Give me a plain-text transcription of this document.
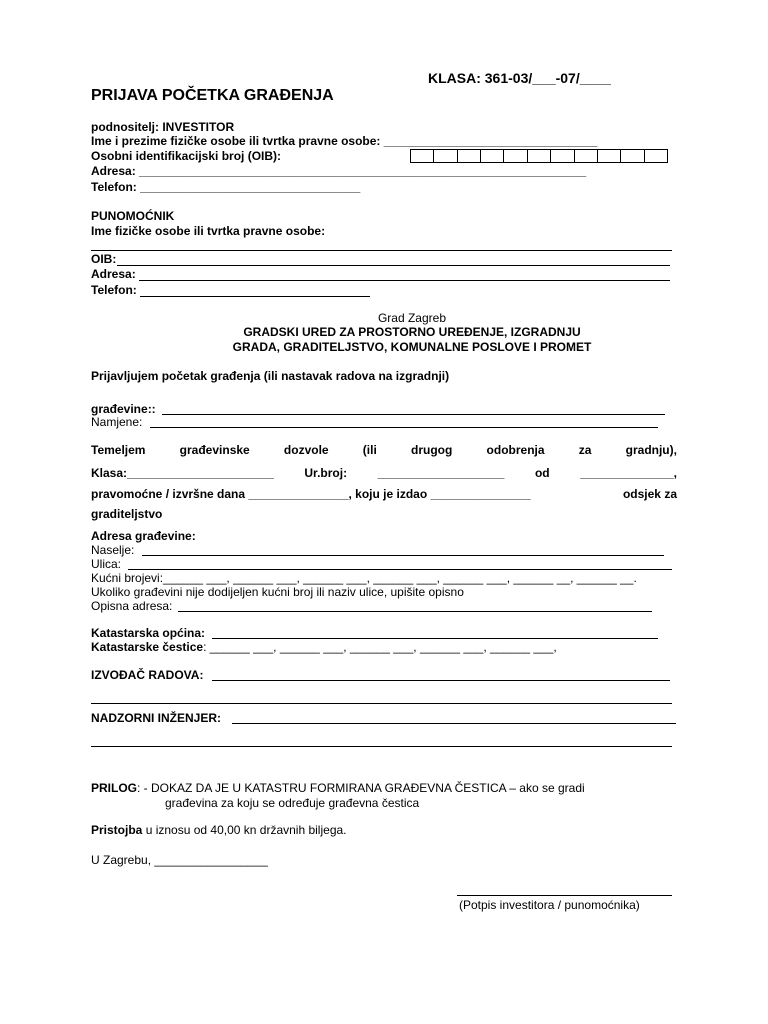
KLASA: 361-03/___-07/____
PRIJAVA POČETKA GRAĐENJA
podnositelj: INVESTITOR
Ime i prezime fizičke osobe ili tvrtka pravne osobe: ________________________________
Osobni identifikacijski broj (OIB):
Adresa: ___________________________________________________________________
Telefon: _________________________________
PUNOMOĆNIK
Ime fizičke osobe ili tvrtka pravne osobe:
OIB:
Adresa:
Telefon:
Grad Zagreb
GRADSKI URED ZA PROSTORNO UREĐENJE, IZGRADNJU
GRADA, GRADITELJSTVO, KOMUNALNE POSLOVE I PROMET
Prijavljujem početak građenja (ili nastavak radova na izgradnji)
građevine::
Namjene:
Temeljem	građevinske	dozvole	(ili	drugog	odobrenja	za	gradnju),
Klasa:______________________	Ur.broj:	___________________	od	______________,
pravomoćne / izvršne dana _______________, koju je izdao _______________	odsjek za
graditeljstvo
Adresa građevine:
Naselje:
Ulica:
Kućni brojevi:______ ___, ______ ___, ______ ___, ______ ___, ______ ___, ______ __, ______ __.
Ukoliko građevini nije dodijeljen kućni broj ili naziv ulice, upišite opisno
Opisna adresa:
Katastarska općina:
Katastarske čestice: ______ ___, ______ ___, ______ ___, ______ ___, ______ ___,
IZVOĐAČ RADOVA:
NADZORNI INŽENJER:
PRILOG: - DOKAZ DA JE U KATASTRU FORMIRANA GRAĐEVNA ČESTICA – ako se gradi
građevina za koju se određuje građevna čestica
Pristojba u iznosu od 40,00 kn državnih biljega.
U Zagrebu, _________________
(Potpis investitora / punomoćnika)
